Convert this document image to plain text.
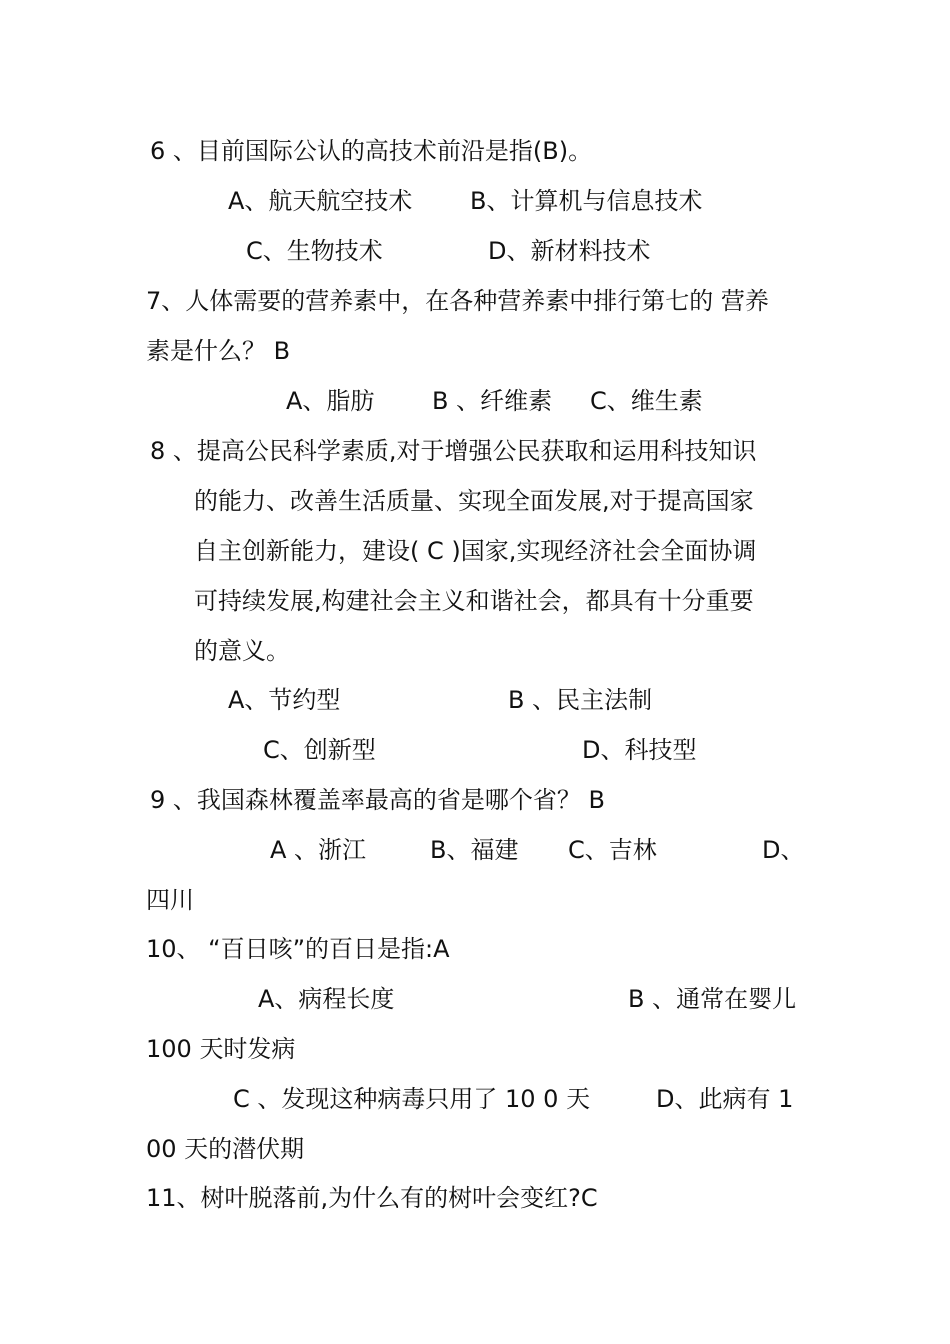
6 、目前国际公认的高技术前沿是指(B)。
A、航天航空技术 B、计算机与信息技术
C、生物技术	D、新材料技术
7、人体需要的营养素中，在各种营养素中排行第七的 营养
素是什么？ B
A、脂肪 B 、纤维素 C、维生素
8 、提高公民科学素质,对于增强公民获取和运用科技知识
的能力、改善生活质量、实现全面发展,对于提高国家
自主创新能力，建设( C )国家,实现经济社会全面协调
可持续发展,构建社会主义和谐社会，都具有十分重要
的意义。
A、节约型	B 、民主法制
C、创新型	D、科技型
9 、我国森林覆盖率最高的省是哪个省？ B
A 、浙江	B、福建 C、吉林	D、
四川
10、 “百日咳”的百日是指:A
A、病程长度	B 、通常在婴儿
100 天时发病
C 、发现这种病毒只用了 10 0 天	D、此病有 1
00 天的潜伏期
11、树叶脱落前,为什么有的树叶会变红?C
